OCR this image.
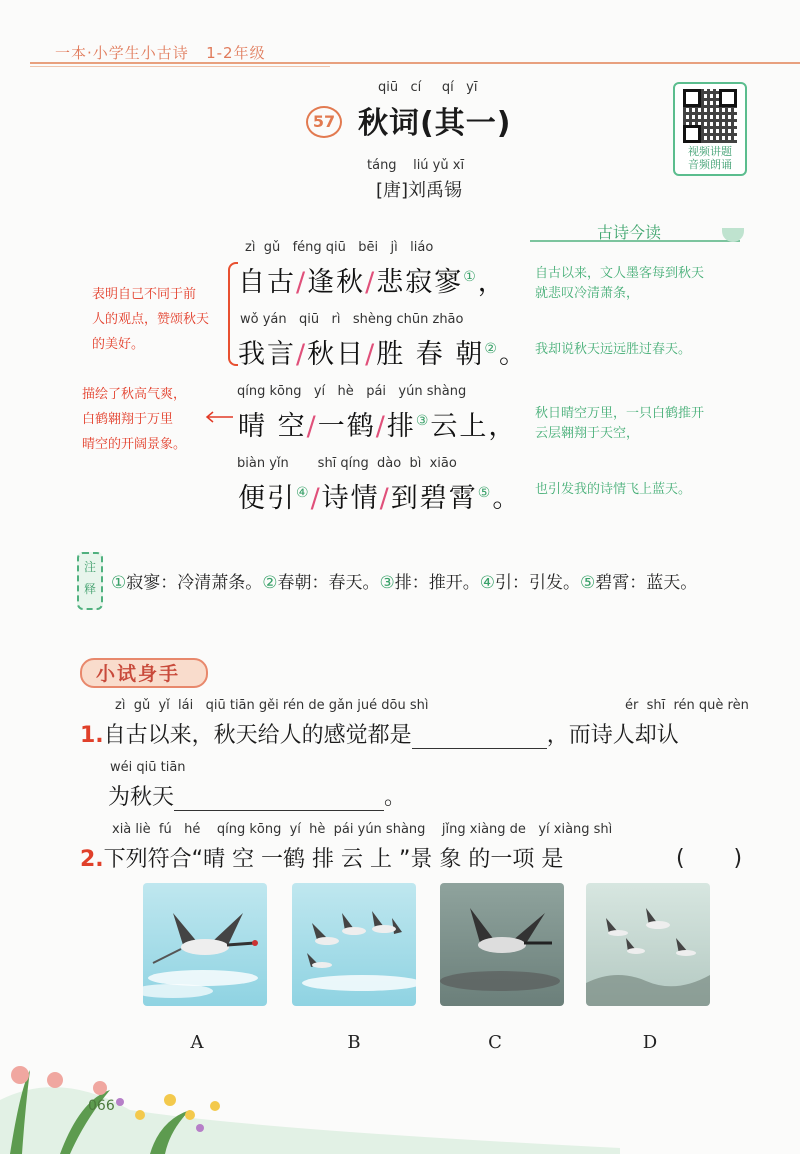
一本·小学生小古诗 1-2年级
qiū   cí     qí   yī
57 秋词(其一)
táng    liú yǔ xī
[唐]刘禹锡
视频讲题
音频朗诵
表明自己不同于前
人的观点，赞颂秋天
的美好。
描绘了秋高气爽，
白鹤翱翔于万里
晴空的开阔景象。
zì  gǔ   féng qiū   bēi   jì   liáo
自古/逢秋/悲寂寥①，
wǒ yán   qiū   rì   shèng chūn zhāo
我言/秋日/胜 春 朝②。
qíng kōng   yí   hè   pái   yún shàng
晴 空/一鹤/排③云上，
biàn yǐn       shī qíng  dào  bì  xiāo
便引④/诗情/到碧霄⑤。
古诗今读
自古以来，文人墨客每到秋天
就悲叹冷清萧条，
我却说秋天远远胜过春天。
秋日晴空万里，一只白鹤推开
云层翱翔于天空，
也引发我的诗情飞上蓝天。
注释 ①寂寥：冷清萧条。②春朝：春天。③排：推开。④引：引发。⑤碧霄：蓝天。
小试身手
zì  gǔ  yǐ  lái   qiū tiān gěi rén de gǎn jué dōu shì	ér  shī  rén què rèn
1.自古以来，秋天给人的感觉都是	，而诗人却认
wéi qiū tiān
为秋天	。
xià liè  fú   hé    qíng kōng  yí  hè  pái yún shàng    jǐng xiàng de   yí xiàng shì
2.下列符合“晴 空 一鹤 排 云 上 ”景 象 的一项 是	(       )
A	B	C	D
066
